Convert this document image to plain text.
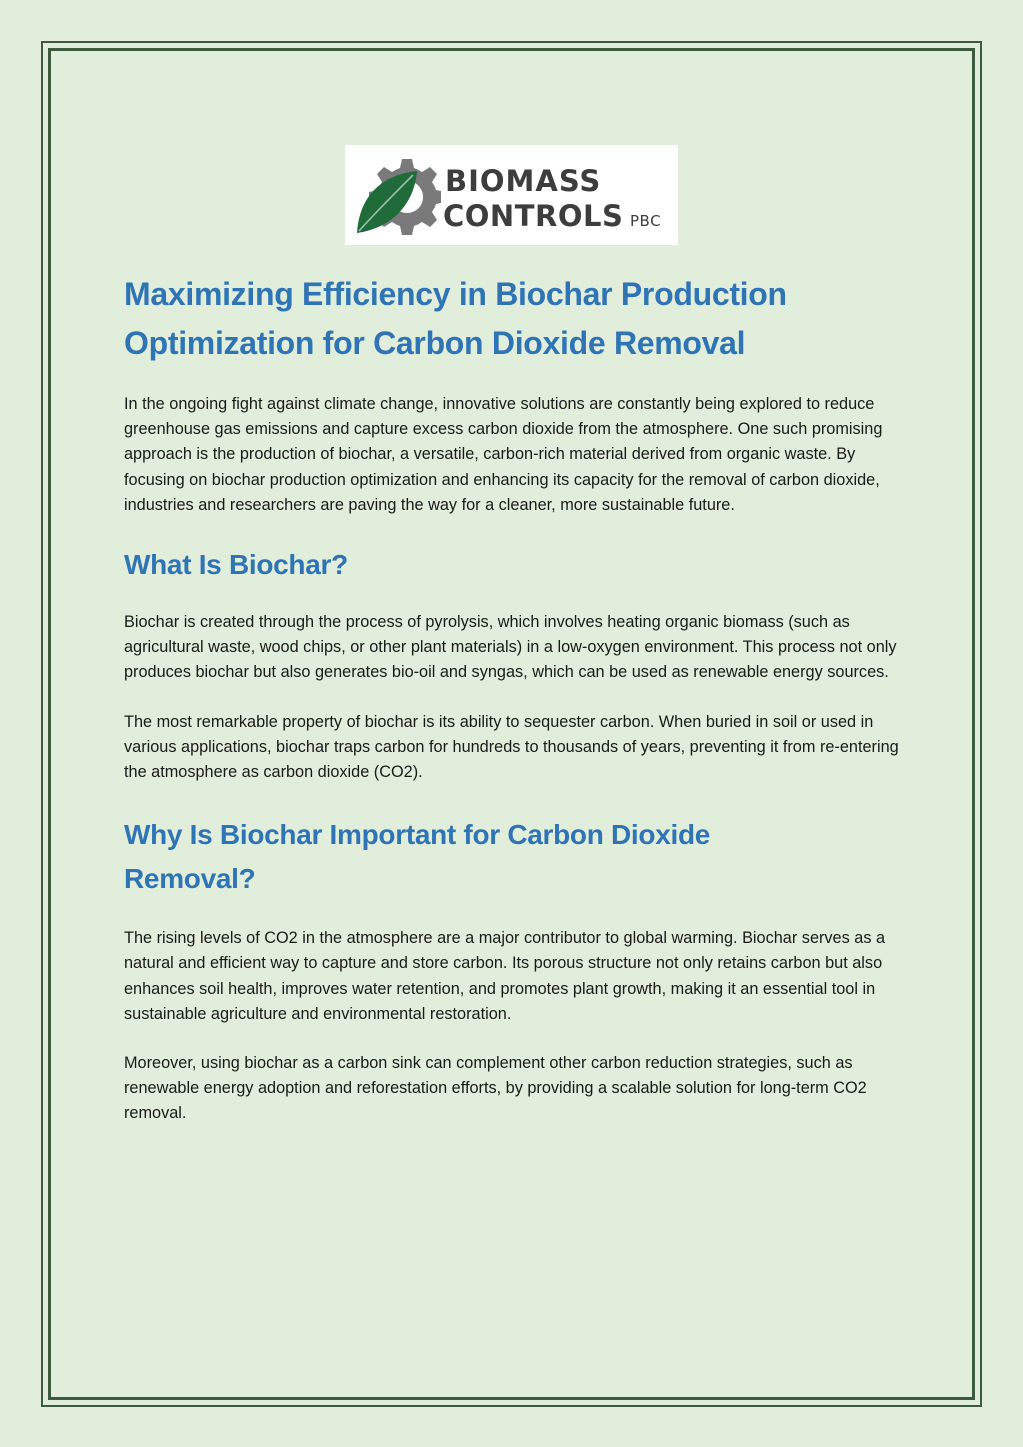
BIOMASS
CONTROLS PBC
Maximizing Efficiency in Biochar Production
Optimization for Carbon Dioxide Removal

In the ongoing fight against climate change, innovative solutions are constantly being explored to reduce greenhouse gas emissions and capture excess carbon dioxide from the atmosphere. One such promising approach is the production of biochar, a versatile, carbon-rich material derived from organic waste. By focusing on biochar production optimization and enhancing its capacity for the removal of carbon dioxide, industries and researchers are paving the way for a cleaner, more sustainable future.

What Is Biochar?

Biochar is created through the process of pyrolysis, which involves heating organic biomass (such as agricultural waste, wood chips, or other plant materials) in a low-oxygen environment. This process not only produces biochar but also generates bio-oil and syngas, which can be used as renewable energy sources.

The most remarkable property of biochar is its ability to sequester carbon. When buried in soil or used in various applications, biochar traps carbon for hundreds to thousands of years, preventing it from re-entering the atmosphere as carbon dioxide (CO2).

Why Is Biochar Important for Carbon Dioxide
Removal?

The rising levels of CO2 in the atmosphere are a major contributor to global warming. Biochar serves as a natural and efficient way to capture and store carbon. Its porous structure not only retains carbon but also enhances soil health, improves water retention, and promotes plant growth, making it an essential tool in sustainable agriculture and environmental restoration.

Moreover, using biochar as a carbon sink can complement other carbon reduction strategies, such as renewable energy adoption and reforestation efforts, by providing a scalable solution for long-term CO2 removal.
